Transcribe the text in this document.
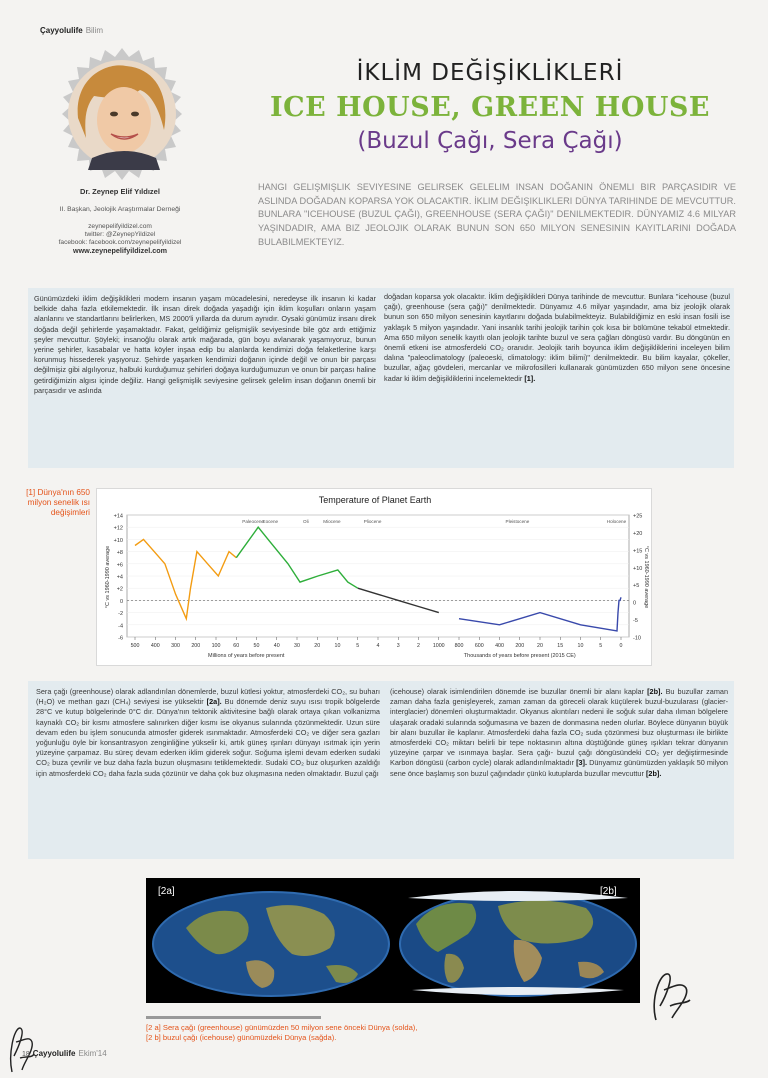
Çayyolulife Bilim
Dr. Zeynep Elif Yıldızel
II. Başkan, Jeolojik Araştırmalar Derneği
zeynepelifyildizel.com
twitter: @ZeynepYildizel
facebook: facebook.com/zeynepelifyildizel
www.zeynepelifyildizel.com
İKLİM DEĞİŞİKLİKLERİ
ICE HOUSE, GREEN HOUSE
(Buzul Çağı, Sera Çağı)
HANGI GELIŞMIŞLIK SEVIYESINE GELIRSEK GELELIM INSAN DOĞANIN ÖNEMLI BIR PARÇASIDIR VE ASLINDA DOĞADAN KOPARSA YOK OLACAKTIR. İKLIM DEĞIŞIKLIKLERI DÜNYA TARIHINDE DE MEVCUTTUR. BUNLARA "ICEHOUSE (BUZUL ÇAĞI), GREENHOUSE (SERA ÇAĞI)" DENILMEKTEDIR. DÜNYAMIZ 4.6 MILYAR YAŞINDADIR, AMA BIZ JEOLOJIK OLARAK BUNUN SON 650 MILYON SENESININ KAYITLARINI DOĞADA BULABILMEKTEYIZ.
Günümüzdeki iklim değişiklikleri modern insanın yaşam mücadelesini, neredeyse ilk insanın ki kadar belkide daha fazla etkilemektedir. İlk insan direk doğada yaşadığı için iklim koşulları onların yaşam alanlarını ve standartlarını belirlerken, MS 2000'li yıllarda da durum aynıdır. Oysaki günümüz insanı direk doğada değil şehirlerde yaşamaktadır. Fakat, geldiğimiz gelişmişlik seviyesinde bile göz ardı ettiğimiz şeyler mevcuttur. Şöyleki; insanoğlu olarak artık mağarada, gün boyu avlanarak yaşamıyoruz, bunun yerine şehirler, kasabalar ve hatta köyler inşaa edip bu alanlarda kendimizi doğa felaketlerine karşı korunmuş hissederek yaşıyoruz. Şehirde yaşarken kendimizi doğanın içinde değil ve onun bir parçası değilmişiz gibi algılıyoruz, halbuki kurduğumuz şehirleri doğaya kurduğumuzun ve onun bir parçası haline getirdiğimizin algısı içinde değiliz. Hangi gelişmişlik seviyesine gelirsek gelelim insan doğanın önemli bir parçasıdır ve aslında
doğadan koparsa yok olacaktır. İklim değişiklikleri Dünya tarihinde de mevcuttur. Bunlara "icehouse (buzul çağı), greenhouse (sera çağı)" denilmektedir. Dünyamız 4.6 milyar yaşındadır, ama biz jeolojik olarak bunun son 650 milyon senesinin kayıtlarını doğada bulabilmekteyiz. Bulabildiğimiz en eski insan fosili ise yaklaşık 5 milyon yaşındadır. Yani insanlık tarihi jeolojik tarihin çok kısa bir bölümüne tekabül etmektedir. Ama 650 milyon senelik kayıtlı olan jeolojik tarihte buzul ve sera çağları döngüsü vardır. Bu döngünün en önemli etkeni ise atmosferdeki CO₂ oranıdır. Jeolojik tarih boyunca iklim değişikliklerini inceleyen bilim dalına "paleoclimatology (paleoeski, climatology: iklim bilimi)" denilmektedir. Bu bilim kayalar, çökeller, buzullar, ağaç gövdeleri, mercanlar ve mikrofosilleri kullanarak günümüzden 650 milyon sene öncesine kadar ki iklim değişikliklerini incelemektedir [1].
[1] Dünya'nın 650 milyon senelik ısı değişimleri
Temperature of Planet Earth
+14
+12
+10
+8
+6
+4
+2
0
-2
-4
-6
+25
+20
+15
+10
+5
0
-5
-10
°C vs 1960-1990 average	°C vs 1960-1990 average
500 400 300 200 100 60	50	40	30	20	10	5	4	3	2 1000 800 600 400 200 20	15	10	5	0
Millions of years before present	Thousands of years before present (2015 CE)
Paleocene
Eocene	Oli	Miocene	Pliocene	Pleistocene	Holocene
Sera çağı (greenhouse) olarak adlandırılan dönemlerde, buzul kütlesi yoktur, atmosferdeki CO₂, su buharı (H₂O) ve methan gazı (CH₄) seviyesi ise yüksektir [2a]. Bu dönemde deniz suyu ısısı tropik bölgelerde 28°C ve kutup bölgelerinde 0°C dır. Dünya'nın tektonik aktivitesine bağlı olarak ortaya çıkan volkanizma kaynaklı CO₂ bir kısmı atmosfere salınırken diğer kısmı ise okyanus sularında çözünmektedir. Uzun süre devam eden bu işlem sonucunda atmosfer giderek ısınmaktadır. Atmosferdeki CO₂ ve diğer sera gazları yoğunluğu öyle bir konsantrasyon zenginliğine yükselir ki, artık güneş ışınları dünyayı ısıtmak için yerin yüzeyine çarpamaz. Bu süreç devam ederken iklim giderek soğur. Soğuma işlemi devam ederken sudaki CO₂ buza çevrilir ve buz daha fazla buzun oluşmasını tetiklemektedir. Sudaki CO₂ buz oluşurken azaldığı için atmosferdeki CO₂ daha fazla suda çözünür ve daha çok buz oluşmasına neden olmaktadır. Buzul çağı
(icehouse) olarak isimlendirilen dönemde ise buzullar önemli bir alanı kaplar [2b]. Bu buzullar zaman zaman daha fazla genişleyerek, zaman zaman da göreceli olarak küçülerek buzul-buzularası (glacier-interglacier) dönemleri oluşturmaktadır. Okyanus akıntıları nedeni ile soğuk sular daha ılıman bölgelere ulaşarak oradaki sularında soğumasına ve bazen de donmasına neden olurlar. Böylece dünyanın büyük bir alanı buzullar ile kaplanır. Atmosferdeki daha fazla CO₂ suda çözünmesi buz oluşturması ile birlikte atmosferdeki CO₂ miktarı belirli bir tepe noktasının altına düştüğünde güneş ışıkları tekrar dünyanın yüzeyine çarpar ve ısınmaya başlar. Sera çağı- buzul çağı döngüsündeki CO₂ yer değiştirmesinde Karbon döngüsü (carbon cycle) olarak adlandırılmaktadır [3]. Dünyamız günümüzden yaklaşık 50 milyon sene önce başlamış son buzul çağındadır çünkü kutuplarda buzullar mevcuttur [2b].
[2a]	[2b]
[2 a] Sera çağı (greenhouse) günümüzden 50 milyon sene önceki Dünya (solda),
[2 b] buzul çağı (icehouse) günümüzdeki Dünya (sağda).
18 Çayyolulife Ekim'14
